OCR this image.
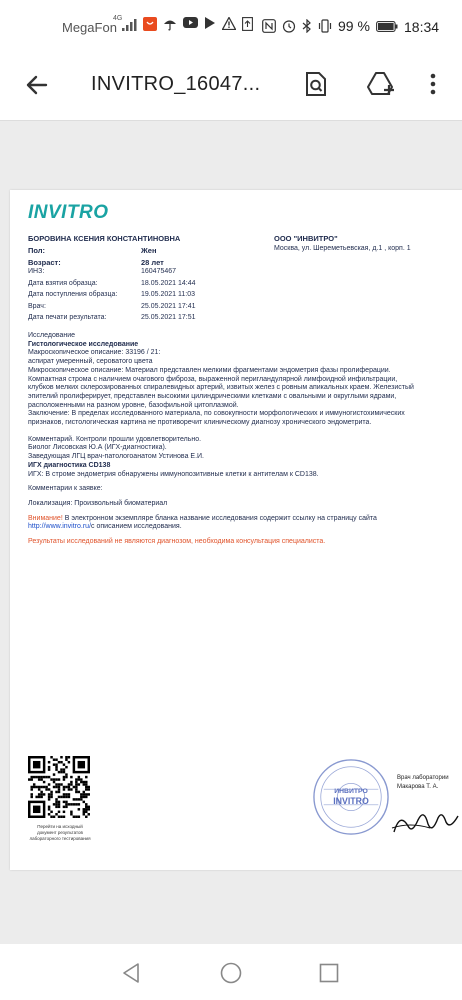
MegaFon
4G	99 % 18:34
INVITRO_16047...
INVITRO
БОРОВИНА КСЕНИЯ КОНСТАНТИНОВНА	ООО "ИНВИТРО"
Москва, ул. Шереметьевская, д.1 , корп. 1
Пол:	Жен
Возраст:	28 лет
ИНЗ:	160475467
Дата взятия образца:	18.05.2021 14:44
Дата поступления образца:	19.05.2021 11:03
Врач:	25.05.2021 17:41
Дата печати результата:	25.05.2021 17:51
Исследование
Гистологическое исследование
Макроскопическое описание: 33196 / 21:
аспират умеренный, сероватого цвета
Микроскопическое описание: Материал представлен мелкими фрагментами эндометрия фазы пролиферации.
Компактная строма с наличием очагового фиброза, выраженной перигландулярной лимфоидной инфильтрации,
клубков мелких склерозированных спиралевидных артерий, извитых желез с ровным апикальных краем. Железистый
эпителий пролиферирует, представлен высокими цилиндрическими клетками с овальными и округлыми ядрами,
расположенными на разном уровне, базофильной цитоплазмой.
Заключение: В пределах исследованного материала, по совокупности морфологических и иммуногистохимических
признаков, гистологическая картина не противоречит клиническому диагнозу хронического эндометрита.
Комментарий. Контроли прошли удовлетворительно.
Биолог Лисовская Ю.А (ИГХ-диагностика).
Заведующая ЛГЦ врач-патологоанатом Устинова Е.И.
ИГХ диагностика CD138
ИГХ: В строме эндометрия обнаружены иммунопозитивные клетки к антителам к CD138.
Комментарии к заявке:
Локализация: Произвольный биоматериал
Внимание! В электронном экземпляре бланка название исследования содержит ссылку на страницу сайта
http://www.invitro.ru/с описанием исследования.
Результаты исследований не являются диагнозом, необходима консультация специалиста.
Перейти на исходный
документ результатов
лабораторного тестирования
ИНВИТРО
INVITRO
Врач лаборатории
Макарова Т. А.
